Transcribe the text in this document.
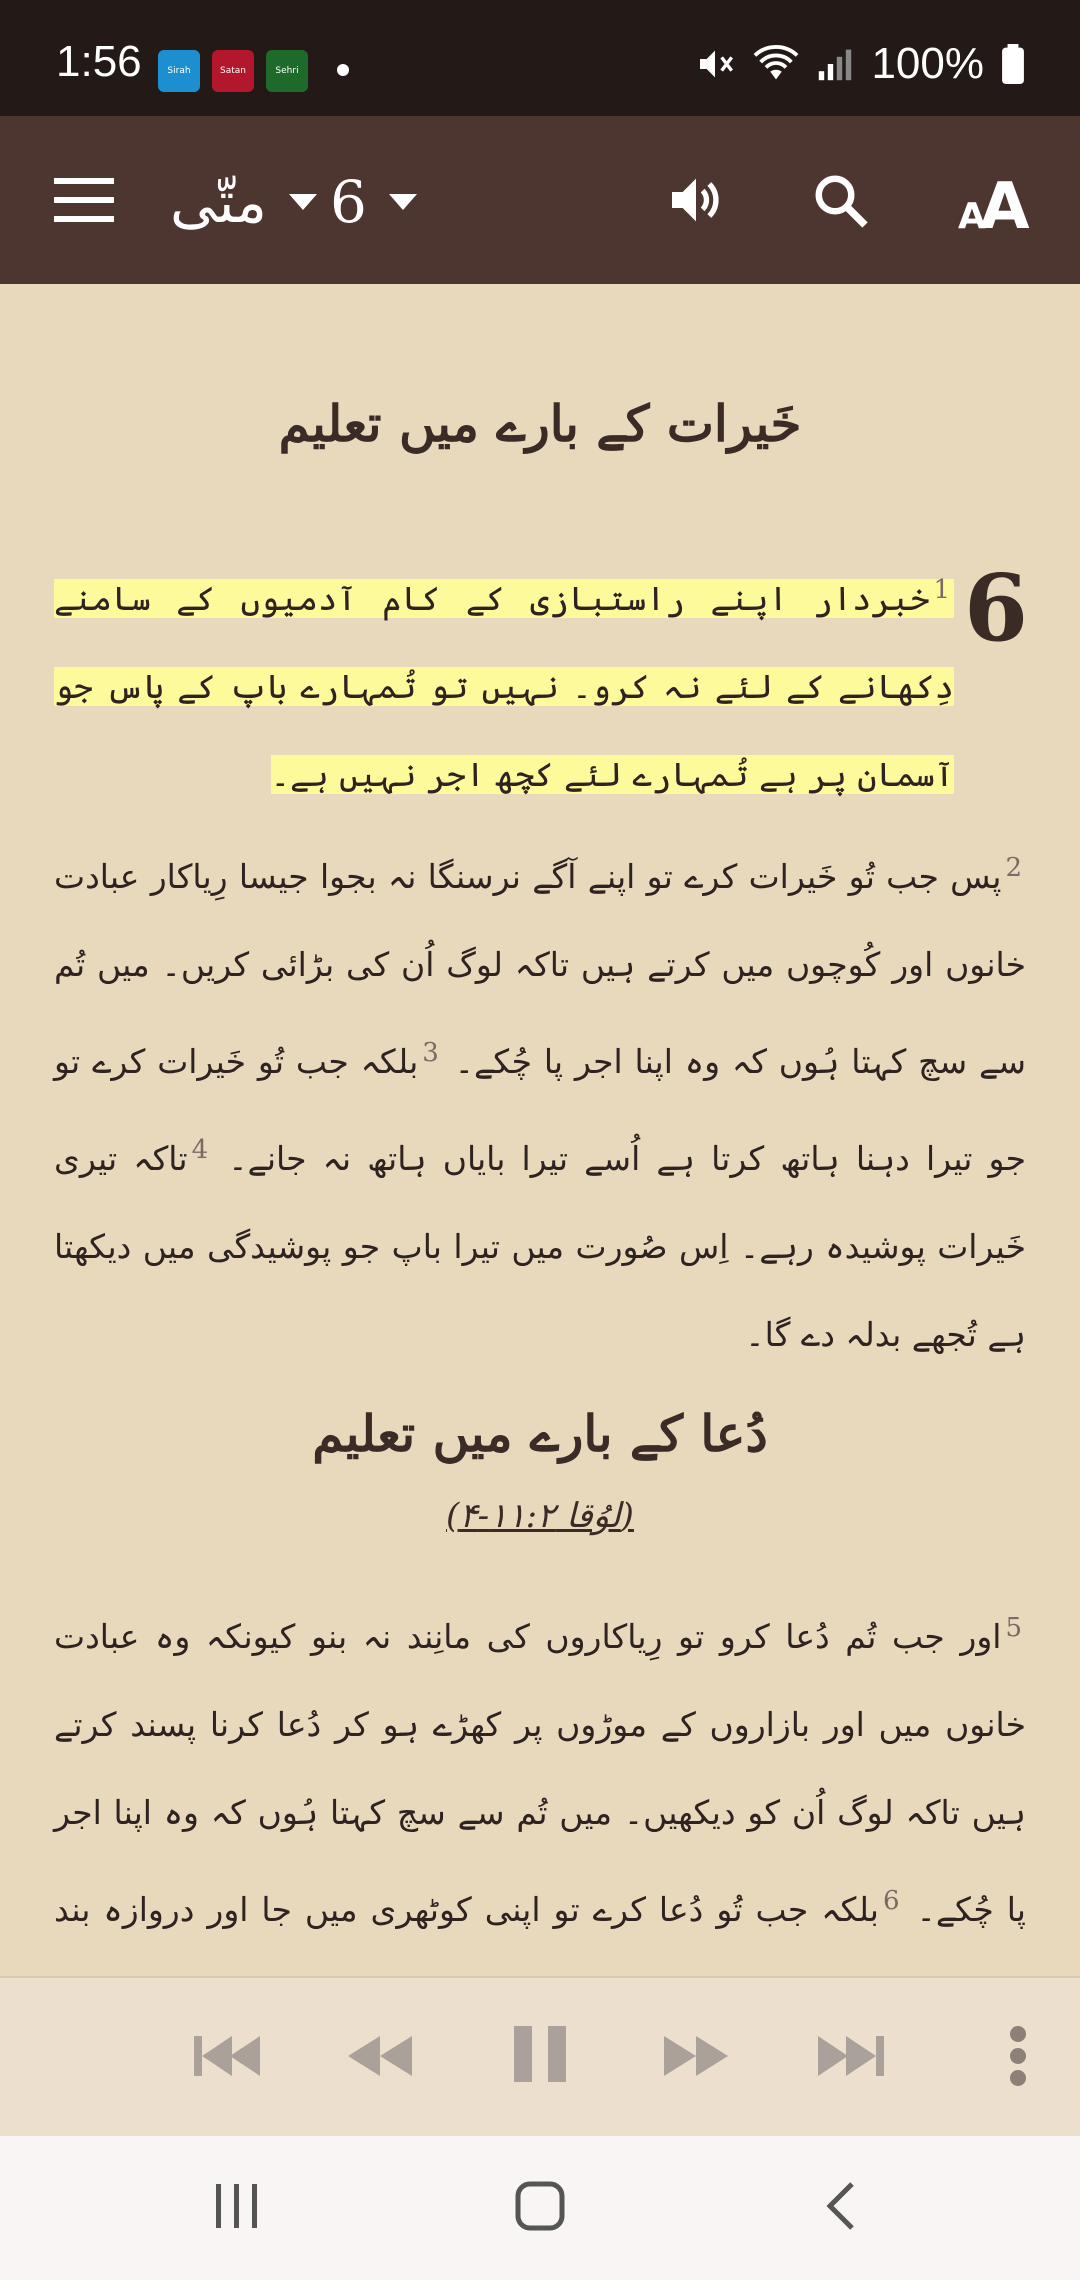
1:56	Sirah	Satan	Sehri	100%
متّی 6	A
A
خَیرات کے بارے میں تعلیم
6
$^1$خبردار اپنے راستبازی کے کام آدمیوں کے سامنے دِکھانے کے لئے نہ کرو۔ نہیں تو تُمہارے باپ کے پاس جو آسمان پر ہے تُمہارے لئے کچھ اجر نہیں ہے۔
$^2$پس جب تُو خَیرات کرے تو اپنے آگے نرسنگا نہ بجوا جیسا رِیاکار عبادت خانوں اور کُوچوں میں کرتے ہیں تاکہ لوگ اُن کی بڑائی کریں۔ میں تُم سے سچ کہتا ہُوں کہ وہ اپنا اجر پا چُکے۔ $^3$بلکہ جب تُو خَیرات کرے تو جو تیرا دہنا ہاتھ کرتا ہے اُسے تیرا بایاں ہاتھ نہ جانے۔ $^4$تاکہ تیری خَیرات پوشیدہ رہے۔ اِس صُورت میں تیرا باپ جو پوشیدگی میں دیکھتا ہے تُجھے بدلہ دے گا۔
دُعا کے بارے میں تعلیم
(لوُقا ۱۱:۲-۴)
$^5$اور جب تُم دُعا کرو تو رِیاکاروں کی مانِند نہ بنو کیونکہ وہ عبادت خانوں میں اور بازاروں کے موڑوں پر کھڑے ہو کر دُعا کرنا پسند کرتے ہیں تاکہ لوگ اُن کو دیکھیں۔ میں تُم سے سچ کہتا ہُوں کہ وہ اپنا اجر پا چُکے۔ $^6$بلکہ جب تُو دُعا کرے تو اپنی کوٹھری میں جا اور دروازہ بند
